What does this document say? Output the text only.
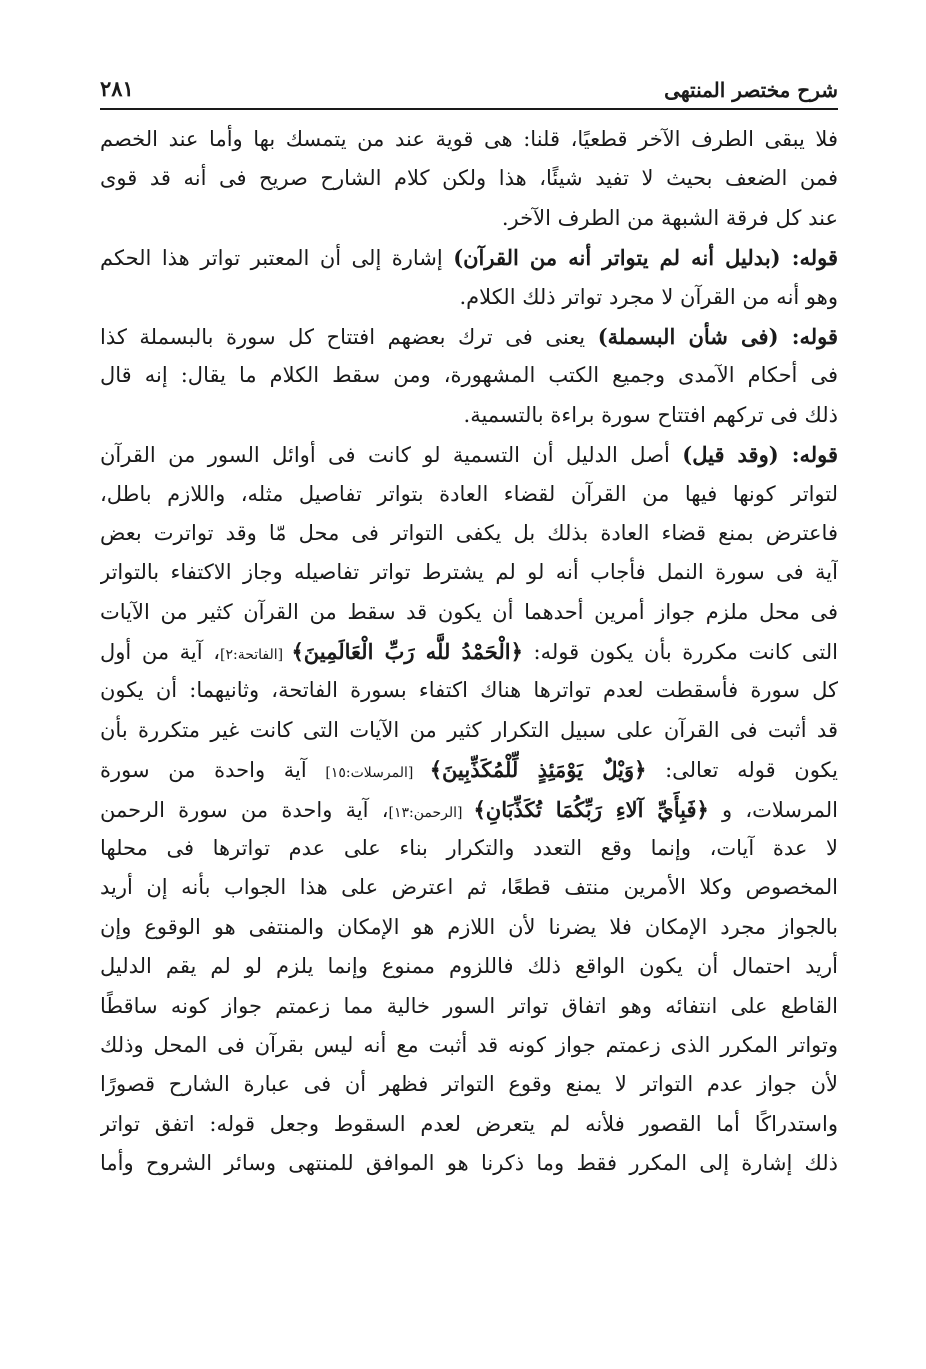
شرح مختصر المنتهى
٢٨١
فلا يبقى الطرف الآخر قطعيًا، قلنا: هى قوية عند من يتمسك بها وأما عند الخصم
فمن الضعف بحيث لا تفيد شيئًا، هذا ولكن كلام الشارح صريح فى أنه قد قوى
عند كل فرقة الشبهة من الطرف الآخر.
قوله: (بدليل أنه لم يتواتر أنه من القرآن) إشارة إلى أن المعتبر تواتر هذا الحكم
وهو أنه من القرآن لا مجرد تواتر ذلك الكلام.
قوله: (فى شأن البسملة) يعنى فى ترك بعضهم افتتاح كل سورة بالبسملة كذا
فى أحكام الآمدى وجميع الكتب المشهورة، ومن سقط الكلام ما يقال: إنه قال
ذلك فى تركهم افتتاح سورة براءة بالتسمية.
قوله: (وقد قيل) أصل الدليل أن التسمية لو كانت فى أوائل السور من القرآن
لتواتر كونها فيها من القرآن لقضاء العادة بتواتر تفاصيل مثله، واللازم باطل،
فاعترض بمنع قضاء العادة بذلك بل يكفى التواتر فى محل مّا وقد تواترت بعض
آية فى سورة النمل فأجاب أنه لو لم يشترط تواتر تفاصيله وجاز الاكتفاء بالتواتر
فى محل ملزم جواز أمرين أحدهما أن يكون قد سقط من القرآن كثير من الآيات
التى كانت مكررة بأن يكون قوله: ﴿الْحَمْدُ للَّه رَبِّ الْعَالَمِينَ﴾ [الفاتحة:٢]، آية من أول
كل سورة فأسقطت لعدم تواترها هناك اكتفاء بسورة الفاتحة، وثانيهما: أن يكون
قد أثبت فى القرآن على سبيل التكرار كثير من الآيات التى كانت غير متكررة بأن
يكون قوله تعالى: ﴿وَيْلٌ يَوْمَئِذٍ لِّلْمُكَذِّبِينَ﴾ [المرسلات:١٥] آية واحدة من سورة
المرسلات، و ﴿فَبِأَيِّ آلاءِ رَبِّكُمَا تُكَذِّبَانِ﴾ [الرحمن:١٣]، آية واحدة من سورة الرحمن
لا عدة آيات، وإنما وقع التعدد والتكرار بناء على عدم تواترها فى محلها
المخصوص وكلا الأمرين منتف قطعًا، ثم اعترض على هذا الجواب بأنه إن أريد
بالجواز مجرد الإمكان فلا يضرنا لأن اللازم هو الإمكان والمنتفى هو الوقوع وإن
أريد احتمال أن يكون الواقع ذلك فاللزوم ممنوع وإنما يلزم لو لم يقم الدليل
القاطع على انتفائه وهو اتفاق تواتر السور خالية مما زعمتم جواز كونه ساقطًا
وتواتر المكرر الذى زعمتم جواز كونه قد أثبت مع أنه ليس بقرآن فى المحل وذلك
لأن جواز عدم التواتر لا يمنع وقوع التواتر فظهر أن فى عبارة الشارح قصورًا
واستدراكًا أما القصور فلأنه لم يتعرض لعدم السقوط وجعل قوله: اتفق تواتر
ذلك إشارة إلى المكرر فقط وما ذكرنا هو الموافق للمنتهى وسائر الشروح وأما
